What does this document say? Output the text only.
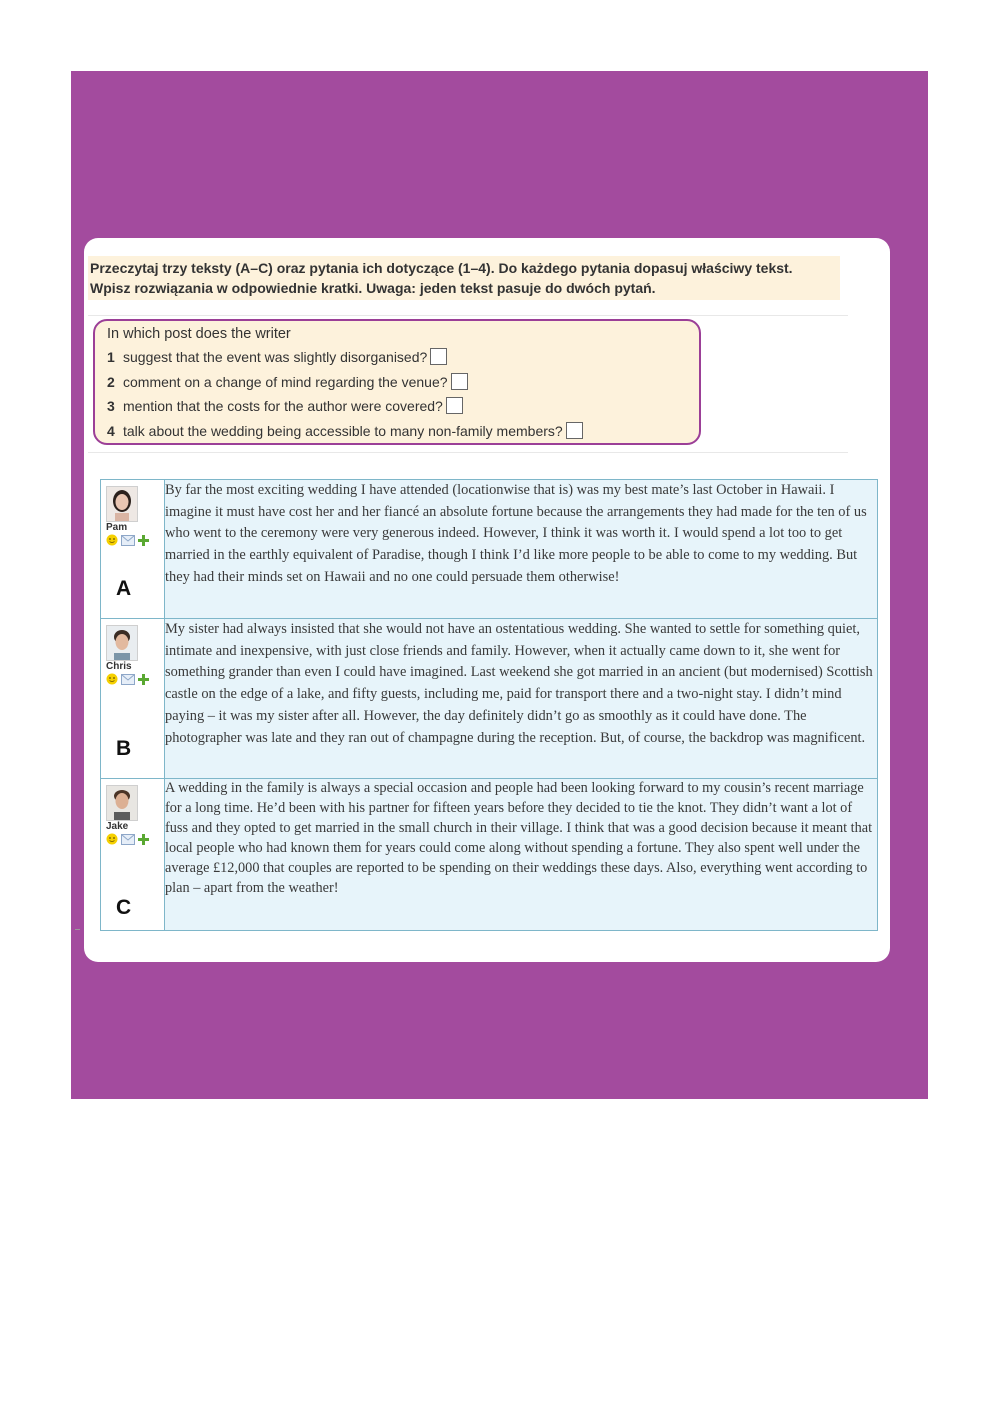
Przeczytaj trzy teksty (A–C) oraz pytania ich dotyczące (1–4). Do każdego pytania dopasuj właściwy tekst.
Wpisz rozwiązania w odpowiednie kratki. Uwaga: jeden tekst pasuje do dwóch pytań.
In which post does the writer
1 suggest that the event was slightly disorganised?
2 comment on a change of mind regarding the venue?
3 mention that the costs for the author were covered?
4 talk about the wedding being accessible to many non-family members?
Pam
A	By far the most exciting wedding I have attended (locationwise that is) was my best mate’s last October in Hawaii. I imagine it must have cost her and her fiancé an absolute fortune because the arrangements they had made for the ten of us who went to the ceremony were very generous indeed. However, I think it was worth it. I would spend a lot too to get married in the earthly equivalent of Paradise, though I think I’d like more people to be able to come to my wedding. But they had their minds set on Hawaii and no one could persuade them otherwise!

Chris
B	My sister had always insisted that she would not have an ostentatious wedding. She wanted to settle for something quiet, intimate and inexpensive, with just close friends and family. However, when it actually came down to it, she went for something grander than even I could have imagined. Last weekend she got married in an ancient (but modernised) Scottish castle on the edge of a lake, and fifty guests, including me, paid for transport there and a two-night stay. I didn’t mind paying – it was my sister after all. However, the day definitely didn’t go as smoothly as it could have done. The photographer was late and they ran out of champagne during the reception. But, of course, the backdrop was magnificent.

Jake
C	A wedding in the family is always a special occasion and people had been looking forward to my cousin’s recent marriage for a long time. He’d been with his partner for fifteen years before they decided to tie the knot. They didn’t want a lot of fuss and they opted to get married in the small church in their village. I think that was a good decision because it meant that local people who had known them for years could come along without spending a fortune. They also spent well under the average £12,000 that couples are reported to be spending on their weddings these days. Also, everything went according to plan – apart from the weather!
